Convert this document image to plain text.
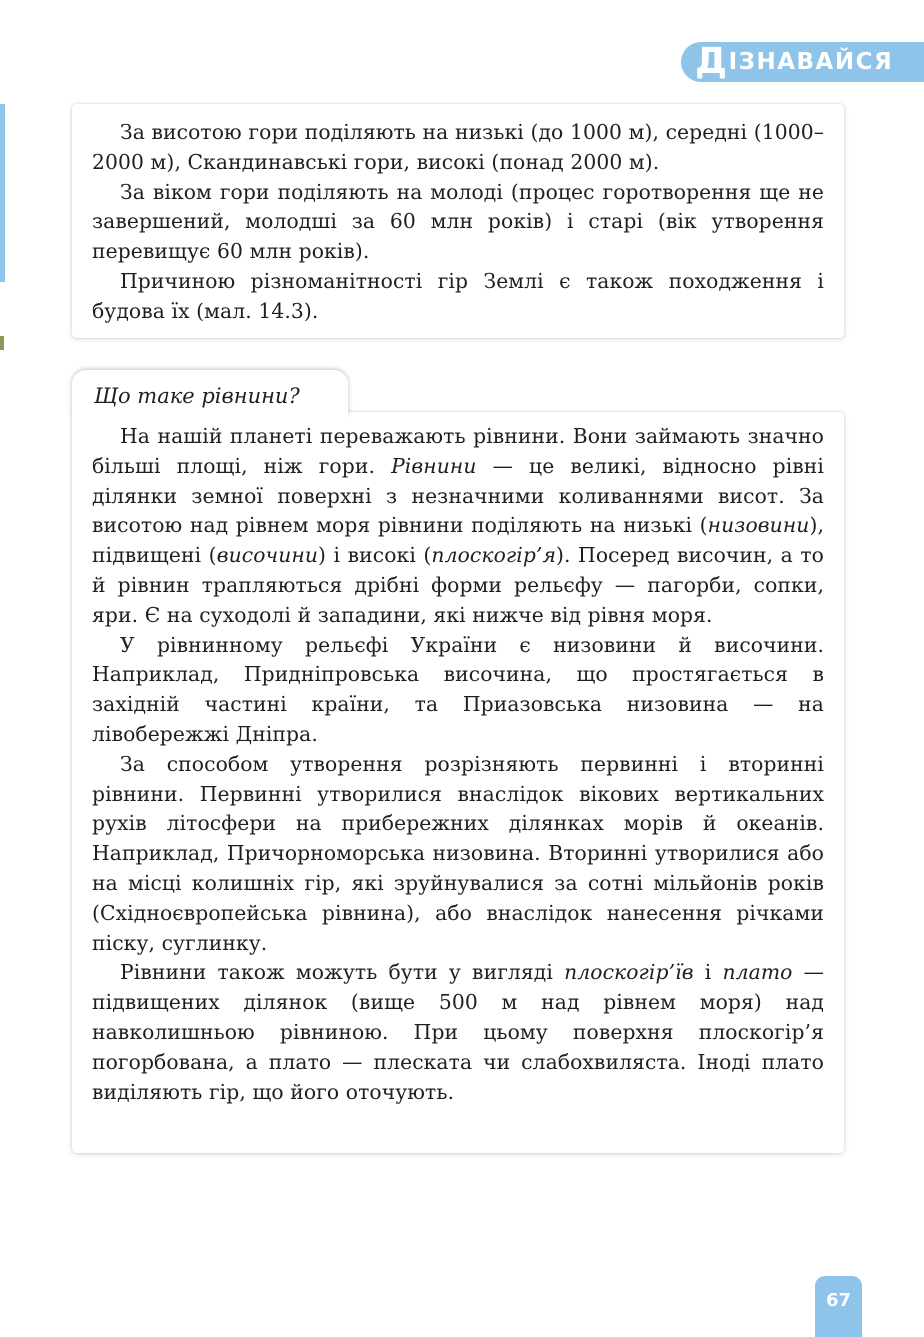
Д ІЗНАВАЙСЯ

За висотою гори поділяють на низькі (до 1000 м), середні (1000–2000 м), Скандинавські гори, високі (понад 2000 м).

За віком гори поділяють на молоді (процес горотворення ще не завершений, молодші за 60 млн років) і старі (вік утворення перевищує 60 млн років).

Причиною різноманітності гір Землі є також походження і будова їх (мал. 14.3).

Що таке рівнини?

На нашій планеті переважають рівнини. Вони займають значно більші площі, ніж гори. Рівнини — це великі, відносно рівні ділянки земної поверхні з незначними коливаннями висот. За висотою над рівнем моря рівнини поділяють на низькі (низовини), підвищені (височини) і високі (плоскогір’я). Посеред височин, а то й рівнин трапляються дрібні форми рельєфу — пагорби, сопки, яри. Є на суходолі й западини, які нижче від рівня моря.

У рівнинному рельєфі України є низовини й височини. Наприклад, Придніпровська височина, що простягається в західній частині країни, та Приазовська низовина — на лівобережжі Дніпра.

За способом утворення розрізняють первинні і вторинні рівнини. Первинні утворилися внаслідок вікових вертикальних рухів літосфери на прибережних ділянках морів й океанів. Наприклад, Причорноморська низовина. Вторинні утворилися або на місці колишніх гір, які зруйнувалися за сотні мільйонів років (Східноєвропейська рівнина), або внаслідок нанесення річками піску, суглинку.

Рівнини також можуть бути у вигляді плоскогір’їв і плато — підвищених ділянок (вище 500 м над рівнем моря) над навколишньою рівниною. При цьому поверхня плоскогір’я погорбована, а плато — плеската чи слабохвиляста. Іноді плато виділяють гір, що його оточують.

67
